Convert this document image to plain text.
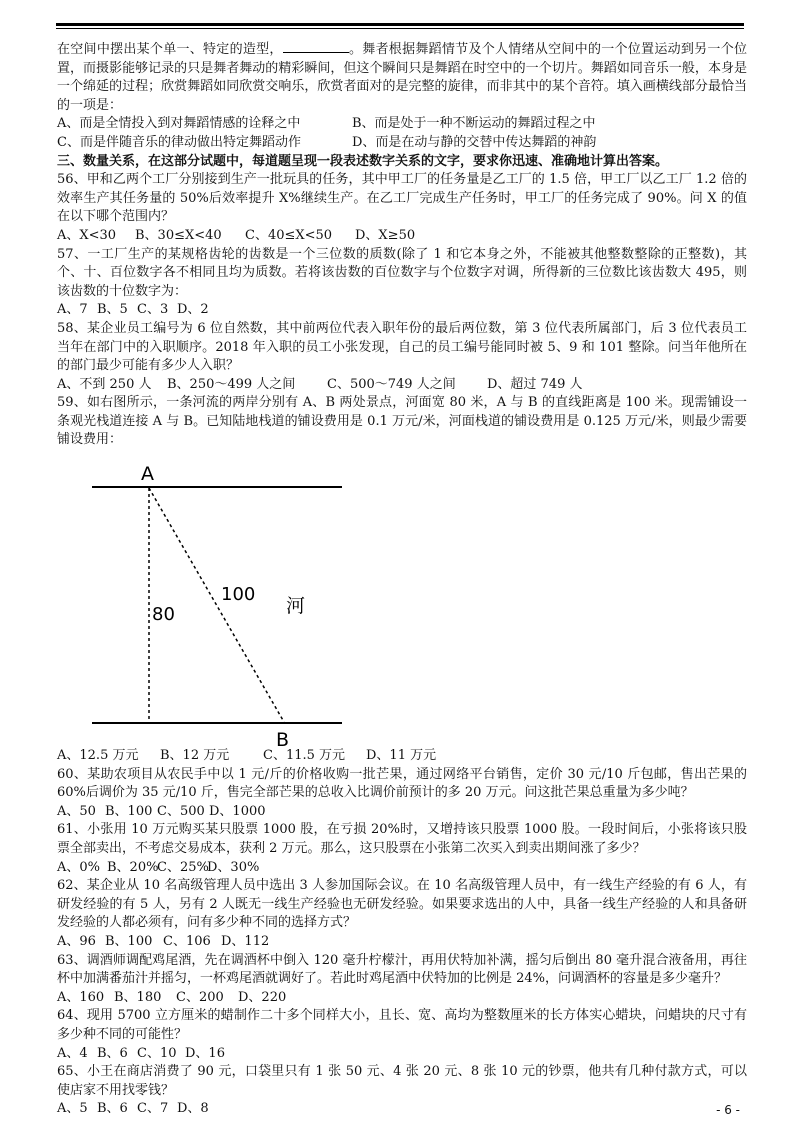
在空间中摆出某个单一、特定的造型，	。舞者根据舞蹈情节及个人情绪从空间中的一个位置运动到另一个位置，而摄影能够记录的只是舞者舞动的精彩瞬间，但这个瞬间只是舞蹈在时空中的一个切片。舞蹈如同音乐一般，本身是一个绵延的过程；欣赏舞蹈如同欣赏交响乐，欣赏者面对的是完整的旋律，而非其中的某个音符。填入画横线部分最恰当的一项是：

A、而是全情投入到对舞蹈情感的诠释之中	B、而是处于一种不断运动的舞蹈过程之中
C、而是伴随音乐的律动做出特定舞蹈动作	D、而是在动与静的交替中传达舞蹈的神韵

三、数量关系，在这部分试题中，每道题呈现一段表述数字关系的文字，要求你迅速、准确地计算出答案。

56、甲和乙两个工厂分别接到生产一批玩具的任务，其中甲工厂的任务量是乙工厂的 1.5 倍，甲工厂以乙工厂 1.2 倍的效率生产其任务量的 50%后效率提升 X%继续生产。在乙工厂完成生产任务时，甲工厂的任务完成了 90%。问 X 的值在以下哪个范围内？

A、X<30	B、30≤X<40	C、40≤X<50	D、X≥50

57、一工厂生产的某规格齿轮的齿数是一个三位数的质数(除了 1 和它本身之外，不能被其他整数整除的正整数)，其个、十、百位数字各不相同且均为质数。若将该齿数的百位数字与个位数字对调，所得新的三位数比该齿数大 495，则该齿数的十位数字为：

A、7 B、5 C、3 D、2

58、某企业员工编号为 6 位自然数，其中前两位代表入职年份的最后两位数，第 3 位代表所属部门，后 3 位代表员工当年在部门中的入职顺序。2018 年入职的员工小张发现，自己的员工编号能同时被 5、9 和 101 整除。问当年他所在的部门最少可能有多少人入职？

A、不到 250 人	B、250～499 人之间	C、500～749 人之间	D、超过 749 人

59、如右图所示，一条河流的两岸分别有 A、B 两处景点，河面宽 80 米，A 与 B 的直线距离是 100 米。现需铺设一条观光栈道连接 A 与 B。已知陆地栈道的铺设费用是 0.1 万元/米，河面栈道的铺设费用是 0.125 万元/米，则最少需要铺设费用：

A
B
80
100
河
A、12.5 万元	B、12 万元	C、11.5 万元	D、11 万元

60、某助农项目从农民手中以 1 元/斤的价格收购一批芒果，通过网络平台销售，定价 30 元/10 斤包邮，售出芒果的 60%后调价为 35 元/10 斤，售完全部芒果的总收入比调价前预计的多 20 万元。问这批芒果总重量为多少吨？

A、50 B、100 C、500 D、1000

61、小张用 10 万元购买某只股票 1000 股，在亏损 20%时，又增持该只股票 1000 股。一段时间后，小张将该只股票全部卖出，不考虑交易成本，获利 2 万元。那么，这只股票在小张第二次买入到卖出期间涨了多少？

A、0% B、20%
C、25%
D、30%

62、某企业从 10 名高级管理人员中选出 3 人参加国际会议。在 10 名高级管理人员中，有一线生产经验的有 6 人，有研发经验的有 5 人，另有 2 人既无一线生产经验也无研发经验。如果要求选出的人中，具备一线生产经验的人和具备研发经验的人都必须有，问有多少种不同的选择方式？

A、96 B、100 C、106 D、112

63、调酒师调配鸡尾酒，先在调酒杯中倒入 120 毫升柠檬汁，再用伏特加补满，摇匀后倒出 80 毫升混合液备用，再往杯中加满番茄汁并摇匀，一杯鸡尾酒就调好了。若此时鸡尾酒中伏特加的比例是 24%，问调酒杯的容量是多少毫升？

A、160 B、180	C、200	D、220

64、现用 5700 立方厘米的蜡制作二十多个同样大小，且长、宽、高均为整数厘米的长方体实心蜡块，问蜡块的尺寸有多少种不同的可能性？

A、4 B、6 C、10 D、16

65、小王在商店消费了 90 元，口袋里只有 1 张 50 元、4 张 20 元、8 张 10 元的钞票，他共有几种付款方式，可以使店家不用找零钱？

A、5 B、6 C、7 D、8	- 6 -
